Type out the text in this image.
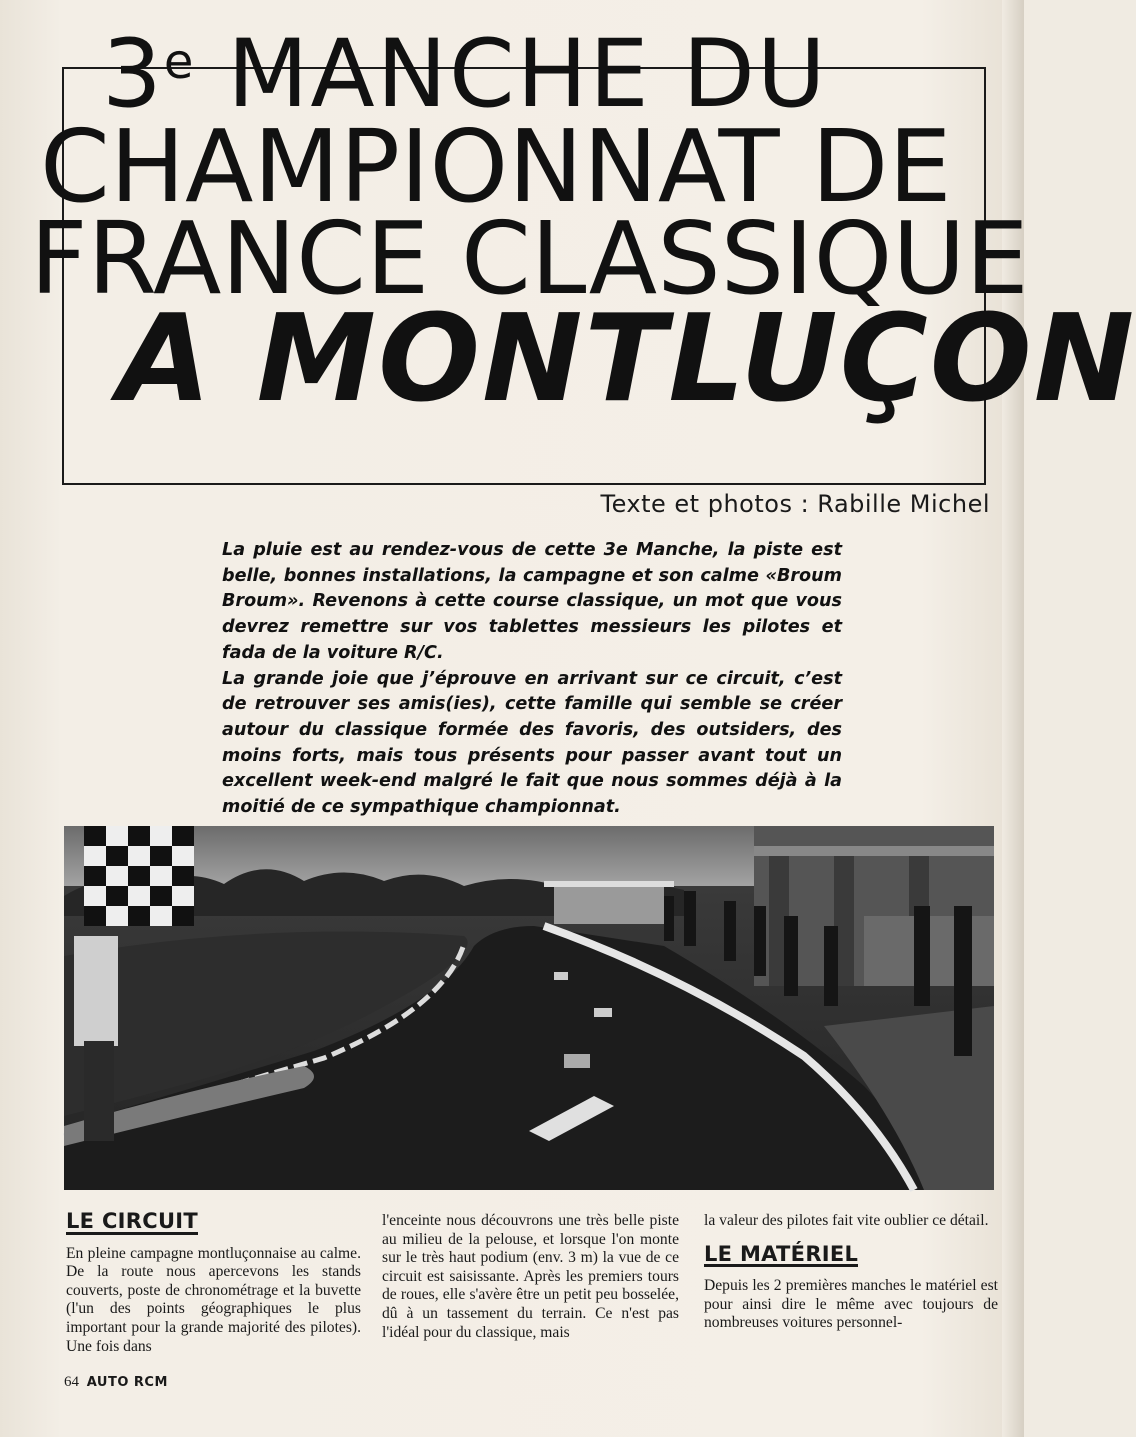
3e MANCHE DU
CHAMPIONNAT DE
FRANCE CLASSIQUE
A MONTLUÇON
Texte et photos : Rabille Michel

La pluie est au rendez-vous de cette 3e Manche, la piste est belle, bonnes installations, la campagne et son calme «Broum Broum». Revenons à cette course classique, un mot que vous devrez remettre sur vos tablettes messieurs les pilotes et fada de la voiture R/C.

La grande joie que j’éprouve en arrivant sur ce circuit, c’est de retrouver ses amis(ies), cette famille qui semble se créer autour du classique formée des favoris, des outsiders, des moins forts, mais tous présents pour passer avant tout un excellent week-end malgré le fait que nous sommes déjà à la moitié de ce sympathique championnat.

LE CIRCUIT

En pleine campagne montluçonnaise au calme. De la route nous apercevons les stands couverts, poste de chronométrage et la buvette (l'un des points géographiques le plus important pour la grande majorité des pilotes). Une fois dans

l'enceinte nous découvrons une très belle piste au milieu de la pelouse, et lorsque l'on monte sur le très haut podium (env. 3 m) la vue de ce circuit est saisissante. Après les premiers tours de roues, elle s'avère être un petit peu bosselée, dû à un tassement du terrain. Ce n'est pas l'idéal pour du classique, mais

la valeur des pilotes fait vite oublier ce détail.

LE MATÉRIEL

Depuis les 2 premières manches le matériel est pour ainsi dire le même avec toujours de nombreuses voitures personnel-

64 AUTO RCM
